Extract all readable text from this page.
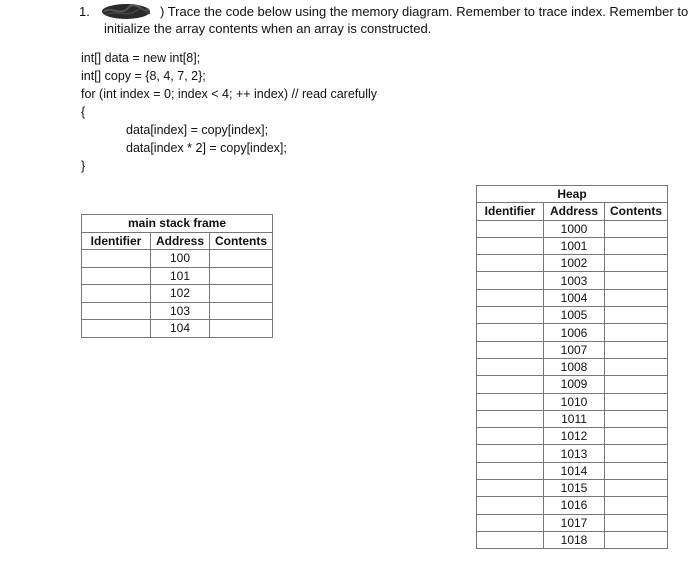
1.	) Trace the code below using the memory diagram. Remember to trace index. Remember to
initialize the array contents when an array is constructed.
int[] data = new int[8];
int[] copy = {8, 4, 7, 2};
for (int index = 0; index < 4; ++ index) // read carefully
{
data[index] = copy[index];
data[index * 2] = copy[index];
}
main stack frame		
Identifier	Address	Contents
	100	
	101	
	102	
	103	
	104	
Heap		
Identifier	Address	Contents
	1000	
	1001	
	1002	
	1003	
	1004	
	1005	
	1006	
	1007	
	1008	
	1009	
	1010	
	1011	
	1012	
	1013	
	1014	
	1015	
	1016	
	1017	
	1018	
